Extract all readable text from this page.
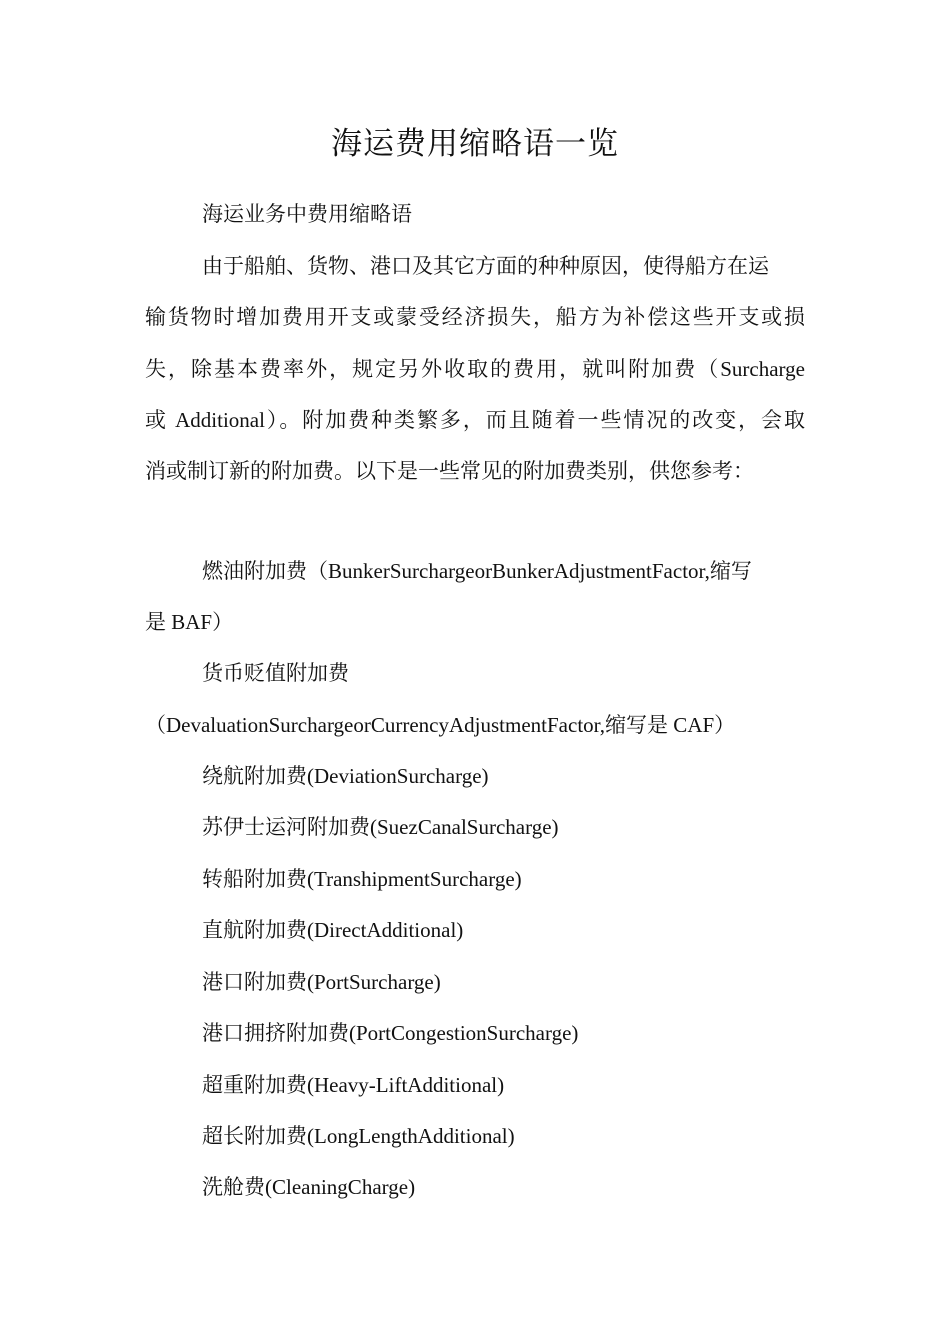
海运费用缩略语一览

海运业务中费用缩略语

由于船舶、货物、港口及其它方面的种种原因，使得船方在运

输货物时增加费用开支或蒙受经济损失，船方为补偿这些开支或损

失，除基本费率外，规定另外收取的费用，就叫附加费（Surcharge

或 Additional）。附加费种类繁多，而且随着一些情况的改变，会取

消或制订新的附加费。以下是一些常见的附加费类别，供您参考：

燃油附加费（BunkerSurchargeorBunkerAdjustmentFactor,缩写

是 BAF）

货币贬值附加费

（DevaluationSurchargeorCurrencyAdjustmentFactor,缩写是 CAF）

绕航附加费(DeviationSurcharge)

苏伊士运河附加费(SuezCanalSurcharge)

转船附加费(TranshipmentSurcharge)

直航附加费(DirectAdditional)

港口附加费(PortSurcharge)

港口拥挤附加费(PortCongestionSurcharge)

超重附加费(Heavy-LiftAdditional)

超长附加费(LongLengthAdditional)

洗舱费(CleaningCharge)
